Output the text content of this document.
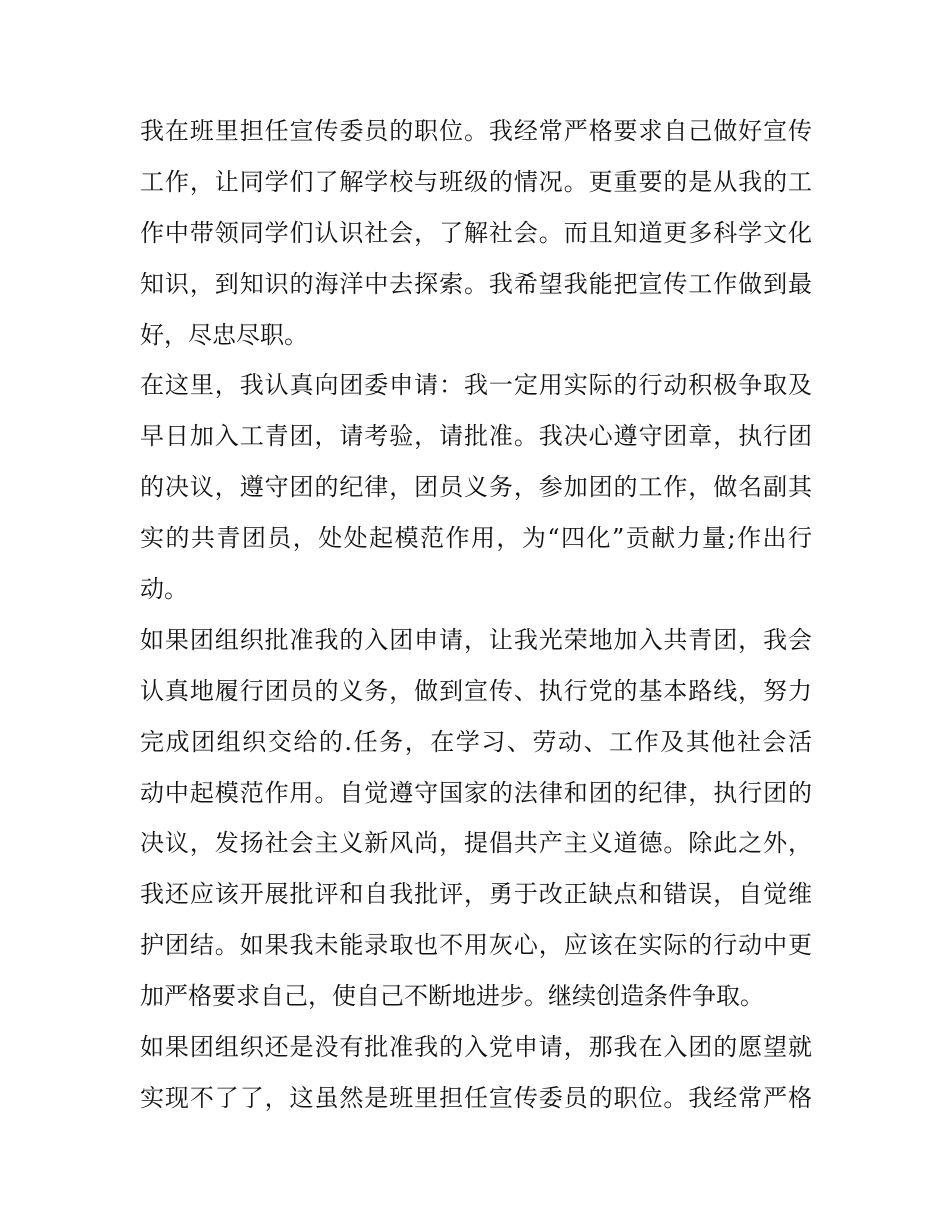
我在班里担任宣传委员的职位。我经常严格要求自己做好宣传
工作，让同学们了解学校与班级的情况。更重要的是从我的工
作中带领同学们认识社会，了解社会。而且知道更多科学文化
知识，到知识的海洋中去探索。我希望我能把宣传工作做到最
好，尽忠尽职。
在这里，我认真向团委申请：我一定用实际的行动积极争取及
早日加入工青团，请考验，请批准。我决心遵守团章，执行团
的决议，遵守团的纪律，团员义务，参加团的工作，做名副其
实的共青团员，处处起模范作用，为“四化”贡献力量;作出行
动。
如果团组织批准我的入团申请，让我光荣地加入共青团，我会
认真地履行团员的义务，做到宣传、执行党的基本路线，努力
完成团组织交给的.任务，在学习、劳动、工作及其他社会活
动中起模范作用。自觉遵守国家的法律和团的纪律，执行团的
决议，发扬社会主义新风尚，提倡共产主义道德。除此之外，
我还应该开展批评和自我批评，勇于改正缺点和错误，自觉维
护团结。如果我未能录取也不用灰心，应该在实际的行动中更
加严格要求自己，使自己不断地进步。继续创造条件争取。
如果团组织还是没有批准我的入党申请，那我在入团的愿望就
实现不了了，这虽然是班里担任宣传委员的职位。我经常严格
